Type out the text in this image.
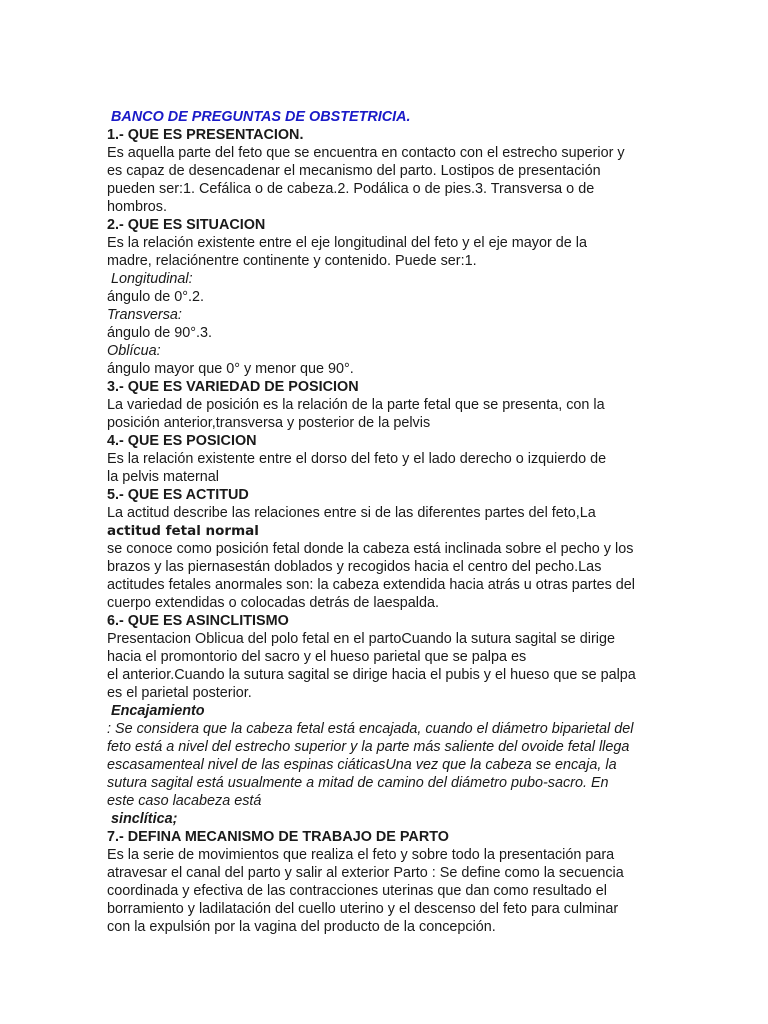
BANCO DE PREGUNTAS DE OBSTETRICIA.
1.- QUE ES PRESENTACION.
Es aquella parte del feto que se encuentra en contacto con el estrecho superior y
es capaz de desencadenar el mecanismo del parto. Lostipos de presentación
pueden ser:1. Cefálica o de cabeza.2. Podálica o de pies.3. Transversa o de
hombros.
2.- QUE ES SITUACION
Es la relación existente entre el eje longitudinal del feto y el eje mayor de la
madre, relaciónentre continente y contenido. Puede ser:1.
Longitudinal:
ángulo de 0°.2.
Transversa:
ángulo de 90°.3.
Oblícua:
ángulo mayor que 0° y menor que 90°.
3.- QUE ES VARIEDAD DE POSICION
La variedad de posición es la relación de la parte fetal que se presenta, con la
posición anterior,transversa y posterior de la pelvis
4.- QUE ES POSICION
Es la relación existente entre el dorso del feto y el lado derecho o izquierdo de
la pelvis maternal
5.- QUE ES ACTITUD
La actitud describe las relaciones entre si de las diferentes partes del feto,La
actitud fetal normal
se conoce como posición fetal donde la cabeza está inclinada sobre el pecho y los
brazos y las piernasestán doblados y recogidos hacia el centro del pecho.Las
actitudes fetales anormales son: la cabeza extendida hacia atrás u otras partes del
cuerpo extendidas o colocadas detrás de laespalda.
6.- QUE ES ASINCLITISMO
Presentacion Oblicua del polo fetal en el partoCuando la sutura sagital se dirige
hacia el promontorio del sacro y el hueso parietal que se palpa es
el anterior.Cuando la sutura sagital se dirige hacia el pubis y el hueso que se palpa
es el parietal posterior.
Encajamiento
: Se considera que la cabeza fetal está encajada, cuando el diámetro biparietal del
feto está a nivel del estrecho superior y la parte más saliente del ovoide fetal llega
escasamenteal nivel de las espinas ciáticasUna vez que la cabeza se encaja, la
sutura sagital está usualmente a mitad de camino del diámetro pubo-sacro. En
este caso lacabeza está
sinclítica;
7.- DEFINA MECANISMO DE TRABAJO DE PARTO
Es la serie de movimientos que realiza el feto y sobre todo la presentación para
atravesar el canal del parto y salir al exterior Parto : Se define como la secuencia
coordinada y efectiva de las contracciones uterinas que dan como resultado el
borramiento y ladilatación del cuello uterino y el descenso del feto para culminar
con la expulsión por la vagina del producto de la concepción.
